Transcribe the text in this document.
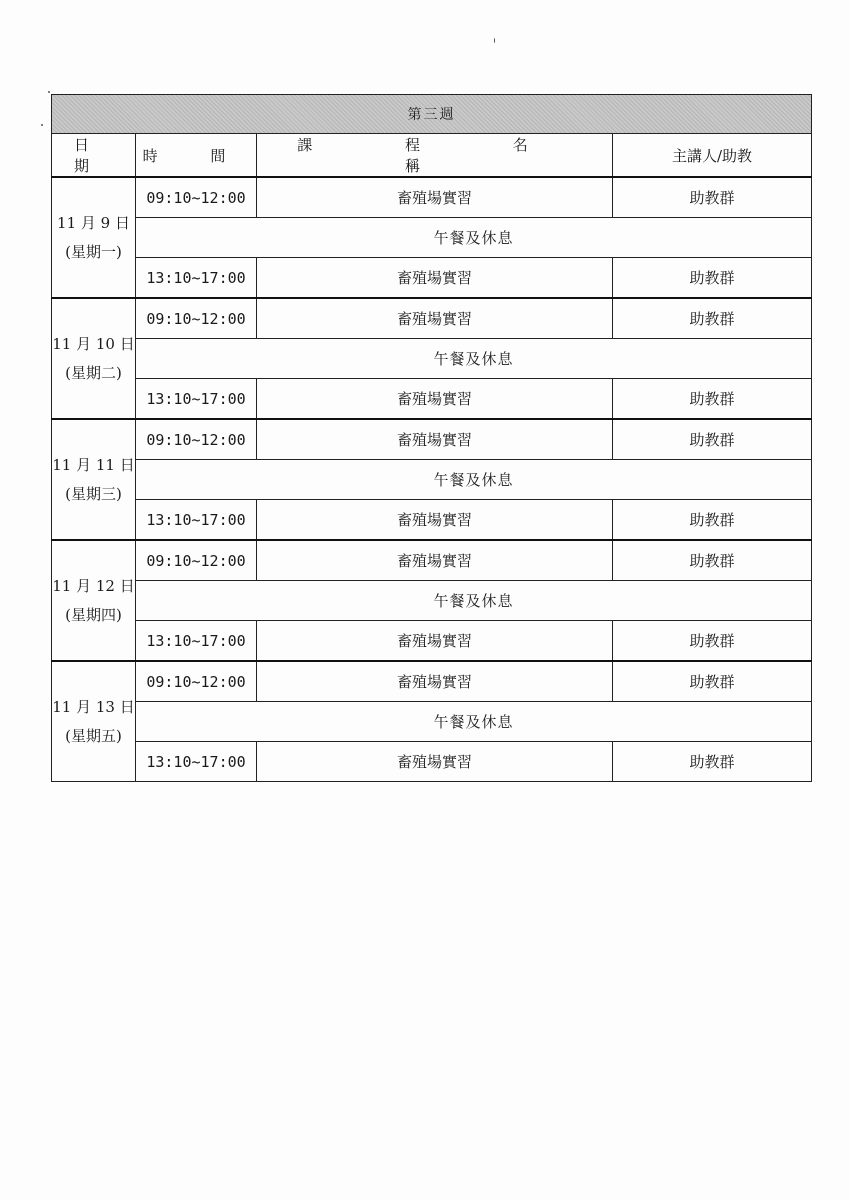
第三週			
日 期	時 間	課 程 名 稱	主講人/助教

11 月 9 日
(星期一)	09:10~12:00	畜殖場實習	助教群
	午餐及休息		
	13:10~17:00	畜殖場實習	助教群

11 月 10 日
(星期二)	09:10~12:00	畜殖場實習	助教群
	午餐及休息		
	13:10~17:00	畜殖場實習	助教群

11 月 11 日
(星期三)	09:10~12:00	畜殖場實習	助教群
	午餐及休息		
	13:10~17:00	畜殖場實習	助教群

11 月 12 日
(星期四)	09:10~12:00	畜殖場實習	助教群
	午餐及休息		
	13:10~17:00	畜殖場實習	助教群

11 月 13 日
(星期五)	09:10~12:00	畜殖場實習	助教群
	午餐及休息		
	13:10~17:00	畜殖場實習	助教群
